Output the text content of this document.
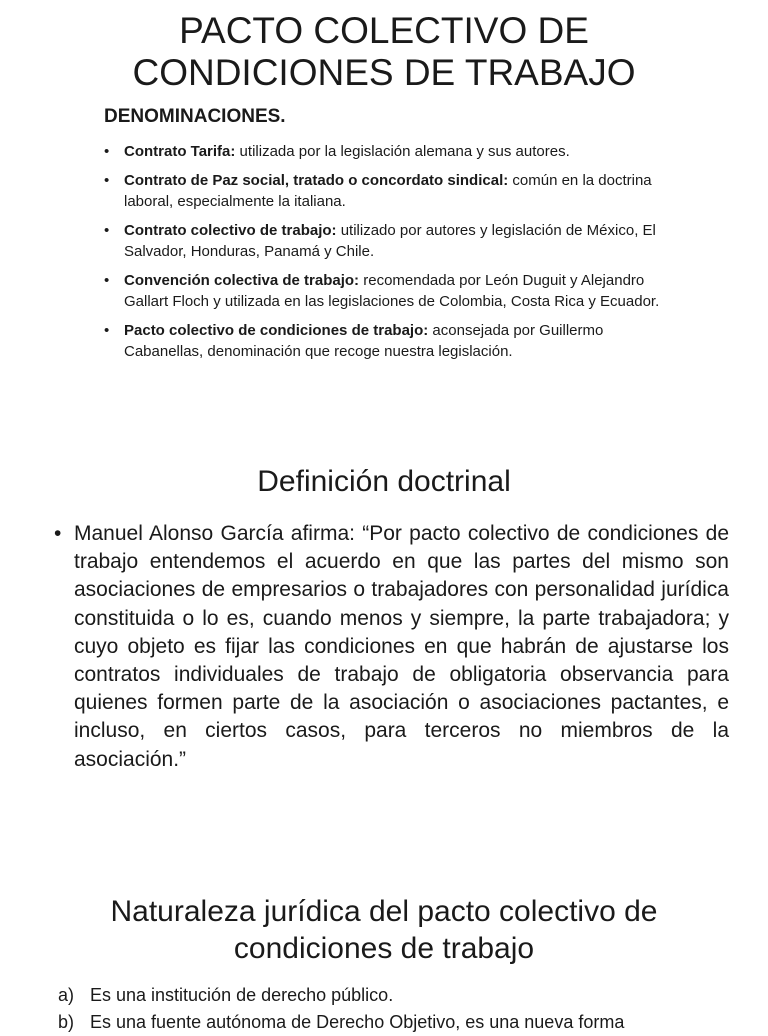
PACTO COLECTIVO DE
CONDICIONES DE TRABAJO
DENOMINACIONES.
• Contrato Tarifa: utilizada por la legislación alemana y sus autores.
• Contrato de Paz social, tratado o concordato sindical: común en la doctrina laboral, especialmente la italiana.
• Contrato colectivo de trabajo: utilizado por autores y legislación de México, El Salvador, Honduras, Panamá y Chile.
• Convención colectiva de trabajo: recomendada por León Duguit y Alejandro Gallart Floch y utilizada en las legislaciones de Colombia, Costa Rica y Ecuador.
• Pacto colectivo de condiciones de trabajo: aconsejada por Guillermo Cabanellas, denominación que recoge nuestra legislación.
Definición doctrinal

• Manuel Alonso García afirma: “Por pacto colectivo de condiciones de trabajo entendemos el acuerdo en que las partes del mismo son asociaciones de empresarios o trabajadores con personalidad jurídica constituida o lo es, cuando menos y siempre, la parte trabajadora; y cuyo objeto es fijar las condiciones en que habrán de ajustarse los contratos individuales de trabajo de obligatoria observancia para quienes formen parte de la asociación o asociaciones pactantes, e incluso, en ciertos casos, para terceros no miembros de la asociación.”

Naturaleza jurídica del pacto colectivo de
condiciones de trabajo
a) Es una institución de derecho público.
b) Es una fuente autónoma de Derecho Objetivo, es una nueva forma
